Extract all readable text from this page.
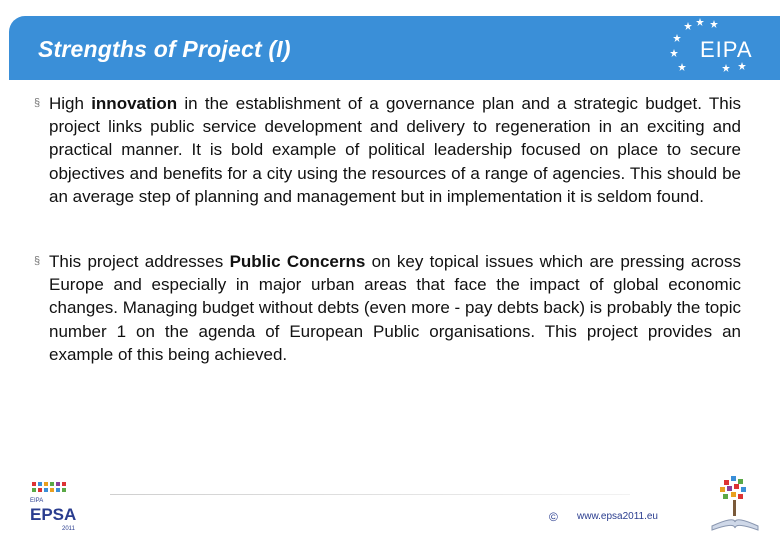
Strengths of Project (I)	EIPA

§ High innovation in the establishment of a governance plan and a strategic budget. This project links public service development and delivery to regeneration in an exciting and practical manner. It is bold example of political leadership focused on place to secure objectives and benefits for a city using the resources of a range of agencies. This should be an average step of planning and management but in implementation it is seldom found.

§ This project addresses Public Concerns on key topical issues which are pressing across Europe and especially in major urban areas that face the impact of global economic changes. Managing budget without debts (even more - pay debts back) is probably the topic number 1 on the agenda of European Public organisations. This project provides an example of this being achieved.

EIPA
EPSA
2011
© www.epsa2011.eu
